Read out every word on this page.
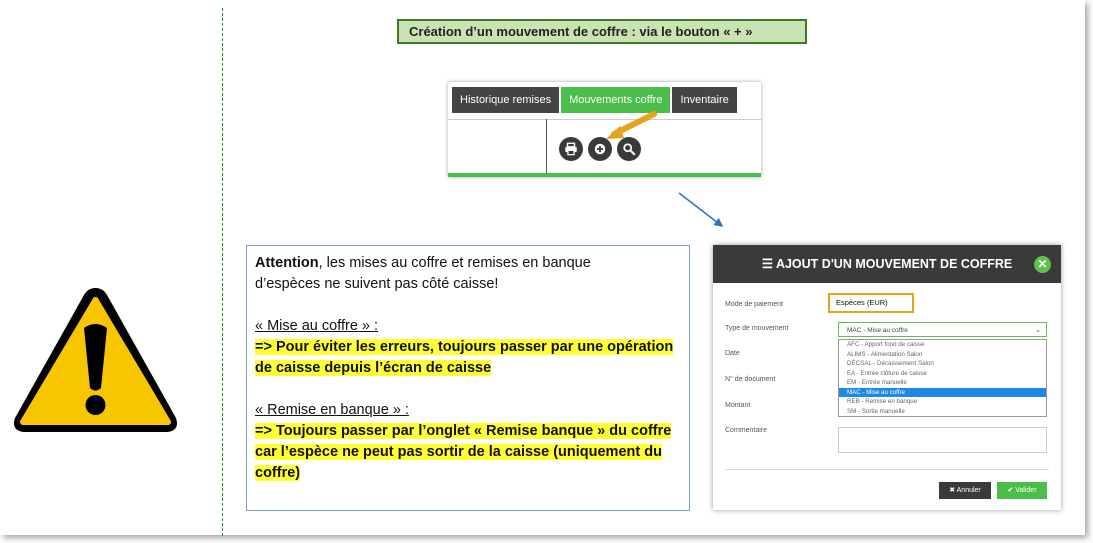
Création d’un mouvement de coffre : via le bouton « + »
Historique remises	Mouvements coffre	Inventaire

Attention, les mises au coffre et remises en banque

d’espèces ne suivent pas côté caisse!

« Mise au coffre » :

=> Pour éviter les erreurs, toujours passer par une opération

de caisse depuis l’écran de caisse

« Remise en banque » :

=> Toujours passer par l’onglet « Remise banque » du coffre

car l’espèce ne peut pas sortir de la caisse (uniquement du

coffre)

☰ AJOUT D'UN MOUVEMENT DE COFFRE	✕
Mode de paiement	Espèces (EUR)
Type de mouvement	MAC - Mise au coffre	⌄
AFC - Apport fond de caisse
ALIMS - Alimentation Salon
DÉCSAL - Décaissement Salon
EA - Entrée clôture de caisse
EM - Entrée manuelle
MAC - Mise au coffre
REB - Remise en banque
SM - Sortie manuelle
Date
N° de document
Montant
Commentaire
✖ Annuler	✔ Valider
